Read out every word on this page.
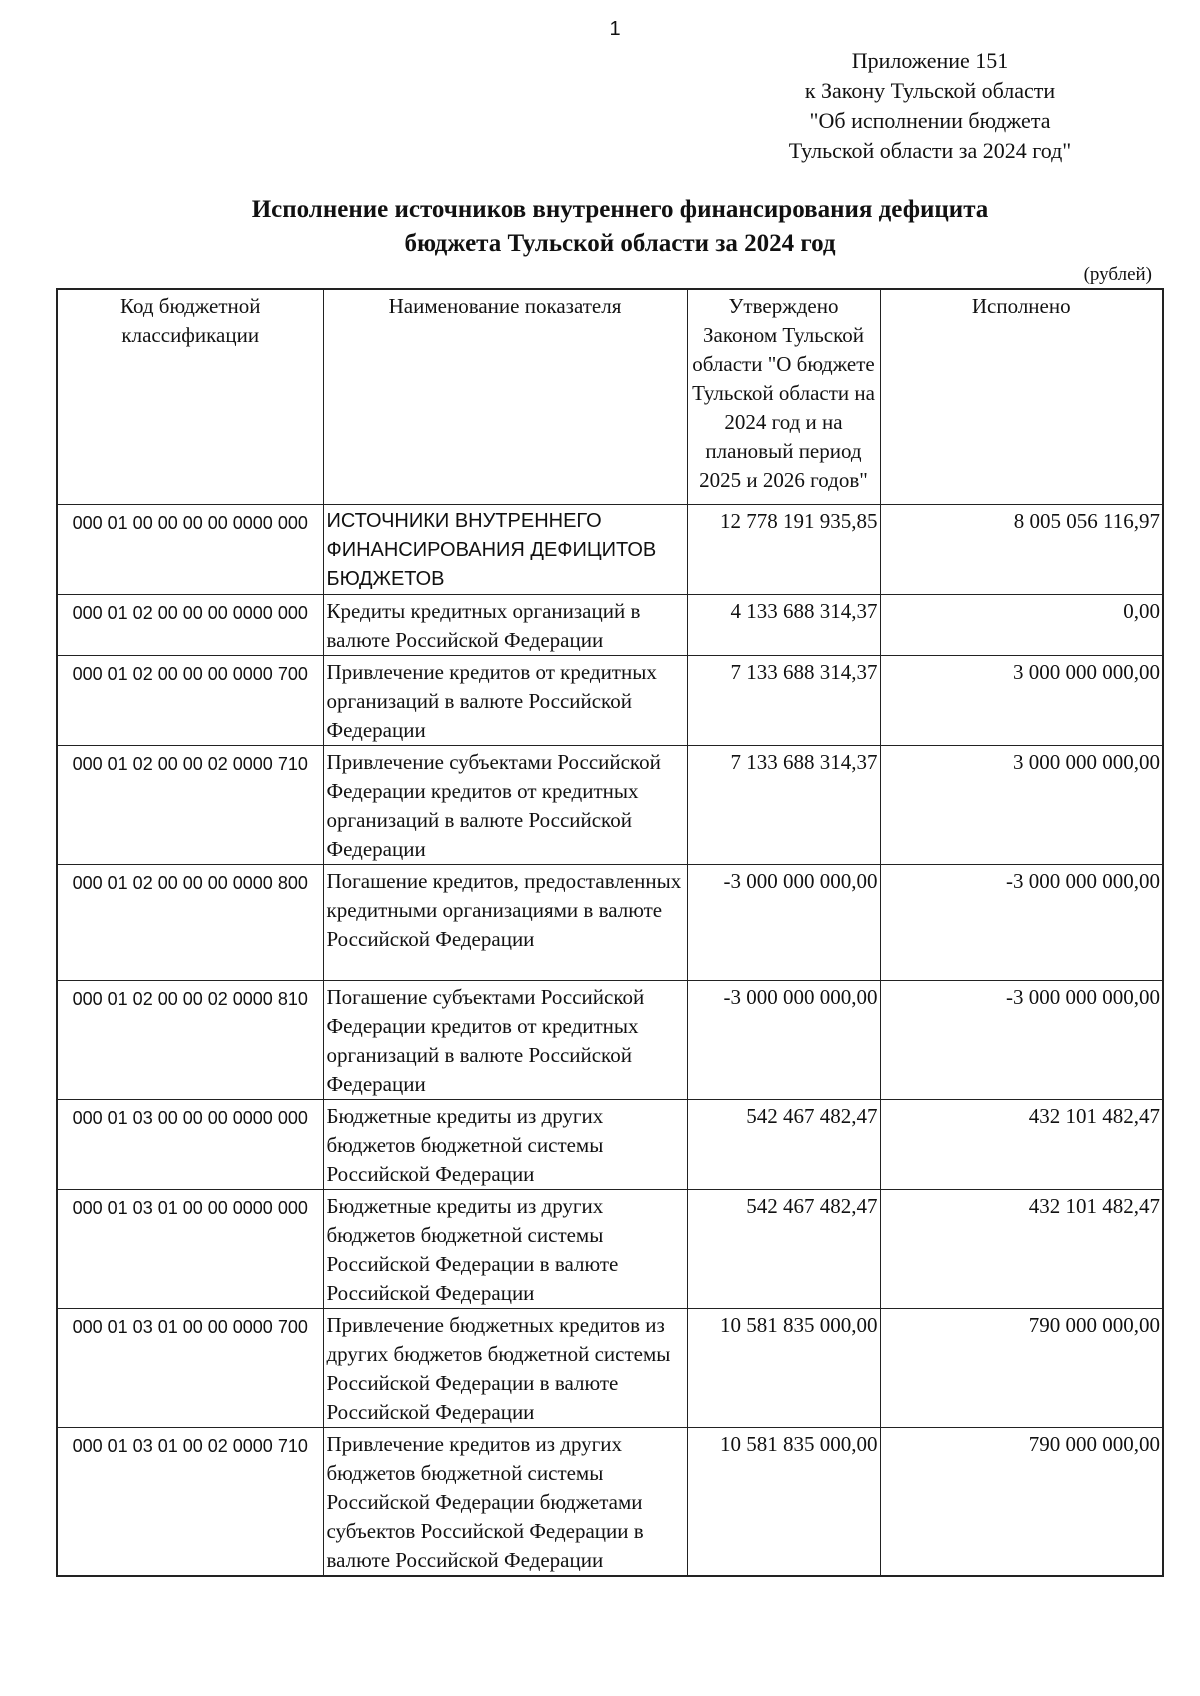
1
Приложение 151
к Закону Тульской области
"Об исполнении бюджета
Тульской области за 2024 год"
Исполнение источников внутреннего финансирования дефицита
бюджета Тульской области за 2024 год
(рублей)
Код бюджетной классификации	Наименование показателя	Утверждено Законом Тульской области "О бюджете Тульской области на 2024 год и на плановый период 2025 и 2026 годов"	Исполнено
000 01 00 00 00 00 0000 000	ИСТОЧНИКИ ВНУТРЕННЕГО ФИНАНСИРОВАНИЯ ДЕФИЦИТОВ БЮДЖЕТОВ	12 778 191 935,85	8 005 056 116,97
000 01 02 00 00 00 0000 000	Кредиты кредитных организаций в валюте Российской Федерации	4 133 688 314,37	0,00
000 01 02 00 00 00 0000 700	Привлечение кредитов от кредитных организаций в валюте Российской Федерации	7 133 688 314,37	3 000 000 000,00
000 01 02 00 00 02 0000 710	Привлечение субъектами Российской Федерации кредитов от кредитных организаций в валюте Российской Федерации	7 133 688 314,37	3 000 000 000,00
000 01 02 00 00 00 0000 800	Погашение кредитов, предоставленных кредитными организациями в валюте Российской Федерации	-3 000 000 000,00	-3 000 000 000,00
000 01 02 00 00 02 0000 810	Погашение субъектами Российской Федерации кредитов от кредитных организаций в валюте Российской Федерации	-3 000 000 000,00	-3 000 000 000,00
000 01 03 00 00 00 0000 000	Бюджетные кредиты из других бюджетов бюджетной системы Российской Федерации	542 467 482,47	432 101 482,47
000 01 03 01 00 00 0000 000	Бюджетные кредиты из других бюджетов бюджетной системы Российской Федерации в валюте Российской Федерации	542 467 482,47	432 101 482,47
000 01 03 01 00 00 0000 700	Привлечение бюджетных кредитов из других бюджетов бюджетной системы Российской Федерации в валюте Российской Федерации	10 581 835 000,00	790 000 000,00
000 01 03 01 00 02 0000 710	Привлечение кредитов из других бюджетов бюджетной системы Российской Федерации бюджетами субъектов Российской Федерации в валюте Российской Федерации	10 581 835 000,00	790 000 000,00
